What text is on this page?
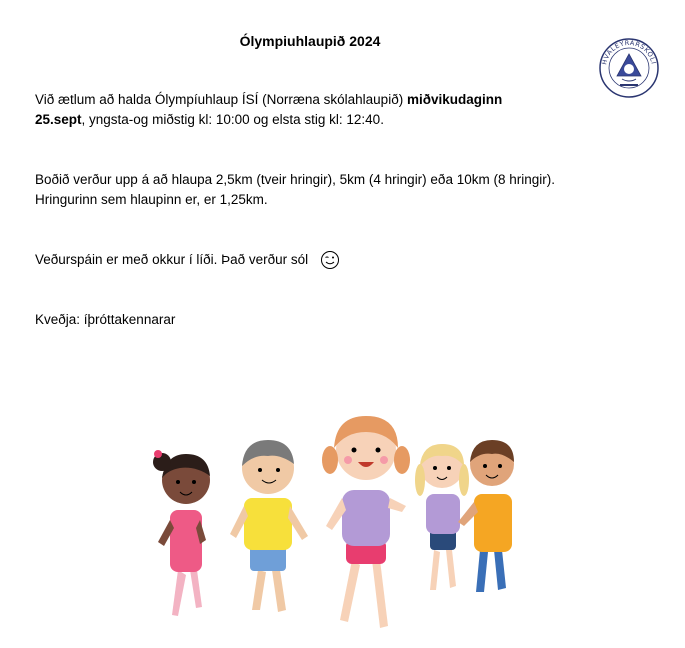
Ólympiuhlaupið 2024
HVALEYRARSKÓLI
Við ætlum að halda Ólympíuhlaup ÍSÍ (Norræna skólahlaupið) miðvikudaginn
25.sept, yngsta-og miðstig kl: 10:00 og elsta stig kl: 12:40.
Boðið verður upp á að hlaupa 2,5km (tveir hringir), 5km (4 hringir) eða 10km (8 hringir).
Hringurinn sem hlaupinn er, er 1,25km.
Veðurspáin er með okkur í líði. Það verður sól
Kveðja: íþróttakennarar
